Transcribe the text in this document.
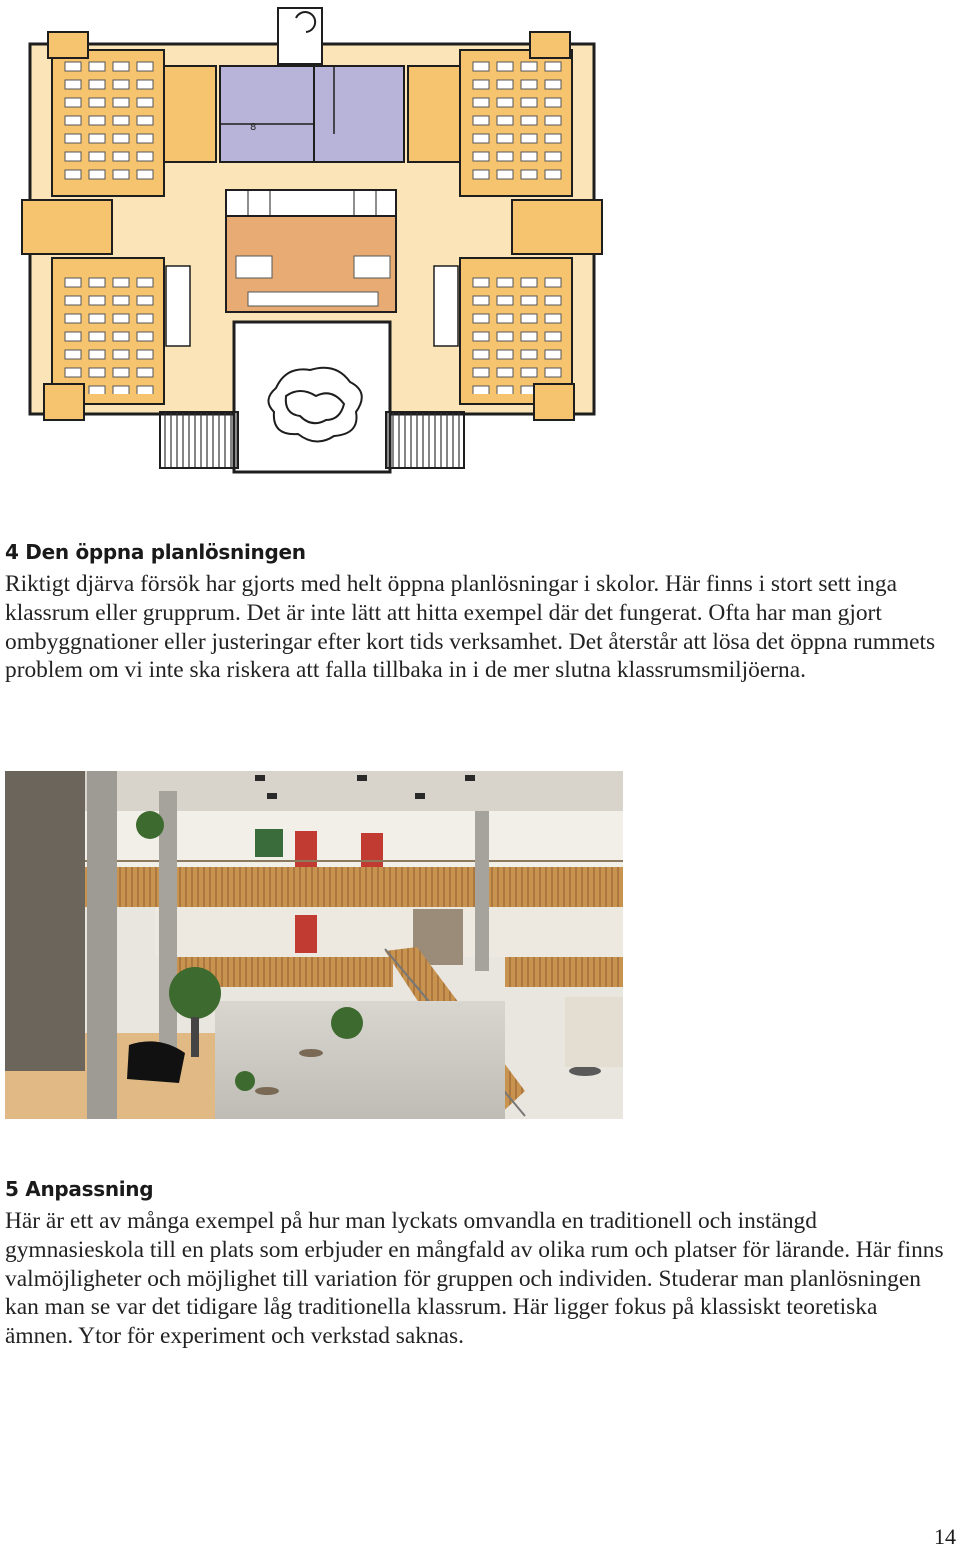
8
4 Den öppna planlösningen

Riktigt djärva försök har gjorts med helt öppna planlösningar i skolor. Här finns i stort sett inga klassrum eller grupprum. Det är inte lätt att hitta exempel där det fungerat. Ofta har man gjort ombyggnationer eller justeringar efter kort tids verksamhet. Det återstår att lösa det öppna rummets problem om vi inte ska riskera att falla tillbaka in i de mer slutna klassrumsmiljöerna.

5 Anpassning

Här är ett av många exempel på hur man lyckats omvandla en traditionell och instängd gymnasieskola till en plats som erbjuder en mångfald av olika rum och platser för lärande. Här finns valmöjligheter och möjlighet till variation för gruppen och individen. Studerar man planlösningen kan man se var det tidigare låg traditionella klassrum. Här ligger fokus på klassiskt teoretiska ämnen. Ytor för experiment och verkstad saknas.

14
